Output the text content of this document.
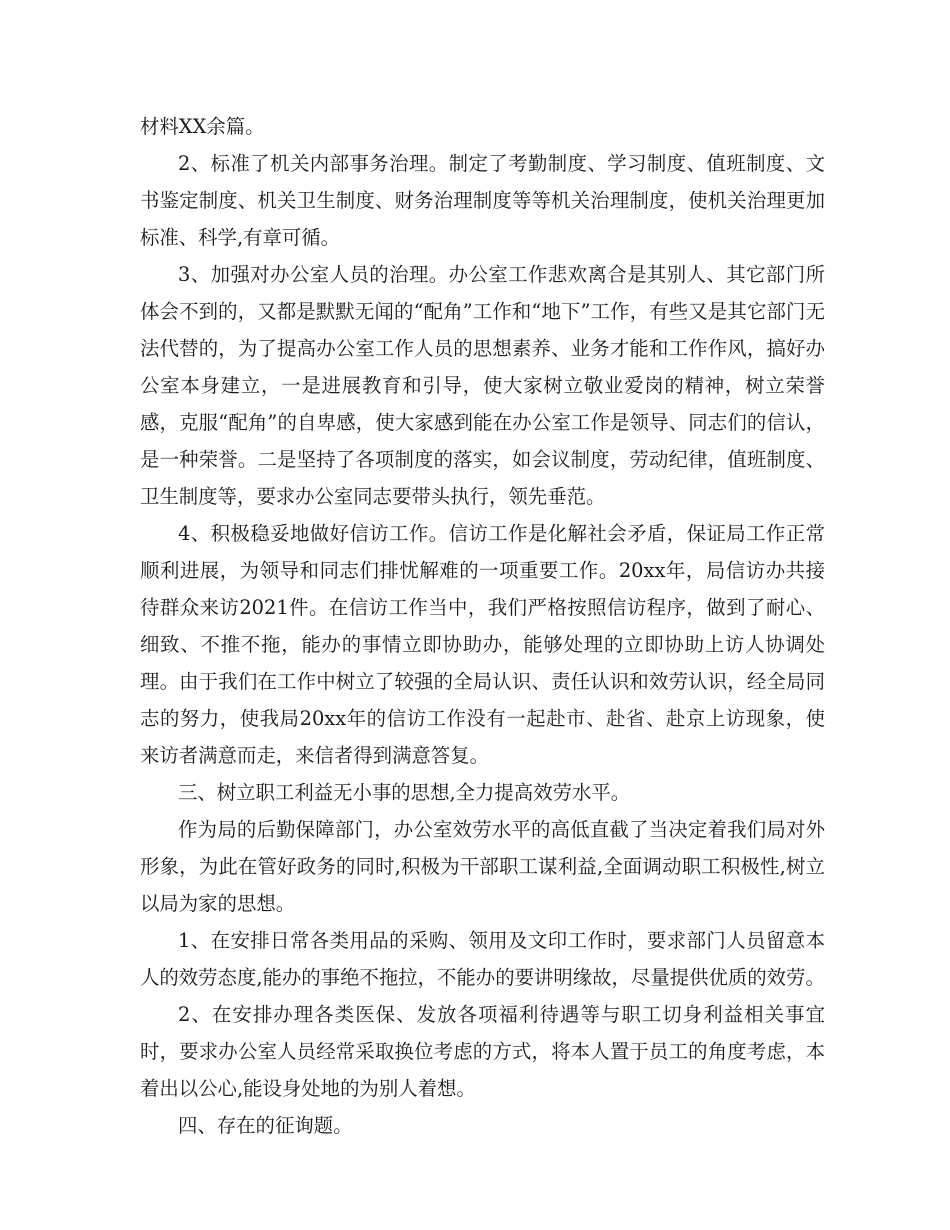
材料XX余篇。

2、标准了机关内部事务治理。制定了考勤制度、学习制度、值班制度、文书鉴定制度、机关卫生制度、财务治理制度等等机关治理制度，使机关治理更加标准、科学,有章可循。

3、加强对办公室人员的治理。办公室工作悲欢离合是其别人、其它部门所体会不到的，又都是默默无闻的“配角”工作和“地下”工作，有些又是其它部门无法代替的，为了提高办公室工作人员的思想素养、业务才能和工作作风，搞好办公室本身建立，一是进展教育和引导，使大家树立敬业爱岗的精神，树立荣誉感，克服“配角”的自卑感，使大家感到能在办公室工作是领导、同志们的信认，是一种荣誉。二是坚持了各项制度的落实，如会议制度，劳动纪律，值班制度、卫生制度等，要求办公室同志要带头执行，领先垂范。

4、积极稳妥地做好信访工作。信访工作是化解社会矛盾，保证局工作正常顺利进展，为领导和同志们排忧解难的一项重要工作。20xx年，局信访办共接待群众来访2021件。在信访工作当中，我们严格按照信访程序，做到了耐心、细致、不推不拖，能办的事情立即协助办，能够处理的立即协助上访人协调处理。由于我们在工作中树立了较强的全局认识、责任认识和效劳认识，经全局同志的努力，使我局20xx年的信访工作没有一起赴市、赴省、赴京上访现象，使来访者满意而走，来信者得到满意答复。

三、树立职工利益无小事的思想,全力提高效劳水平。

作为局的后勤保障部门，办公室效劳水平的高低直截了当决定着我们局对外形象，为此在管好政务的同时,积极为干部职工谋利益,全面调动职工积极性,树立以局为家的思想。

1、在安排日常各类用品的采购、领用及文印工作时，要求部门人员留意本人的效劳态度,能办的事绝不拖拉，不能办的要讲明缘故，尽量提供优质的效劳。

2、在安排办理各类医保、发放各项福利待遇等与职工切身利益相关事宜时，要求办公室人员经常采取换位考虑的方式，将本人置于员工的角度考虑，本着出以公心,能设身处地的为别人着想。

四、存在的征询题。
